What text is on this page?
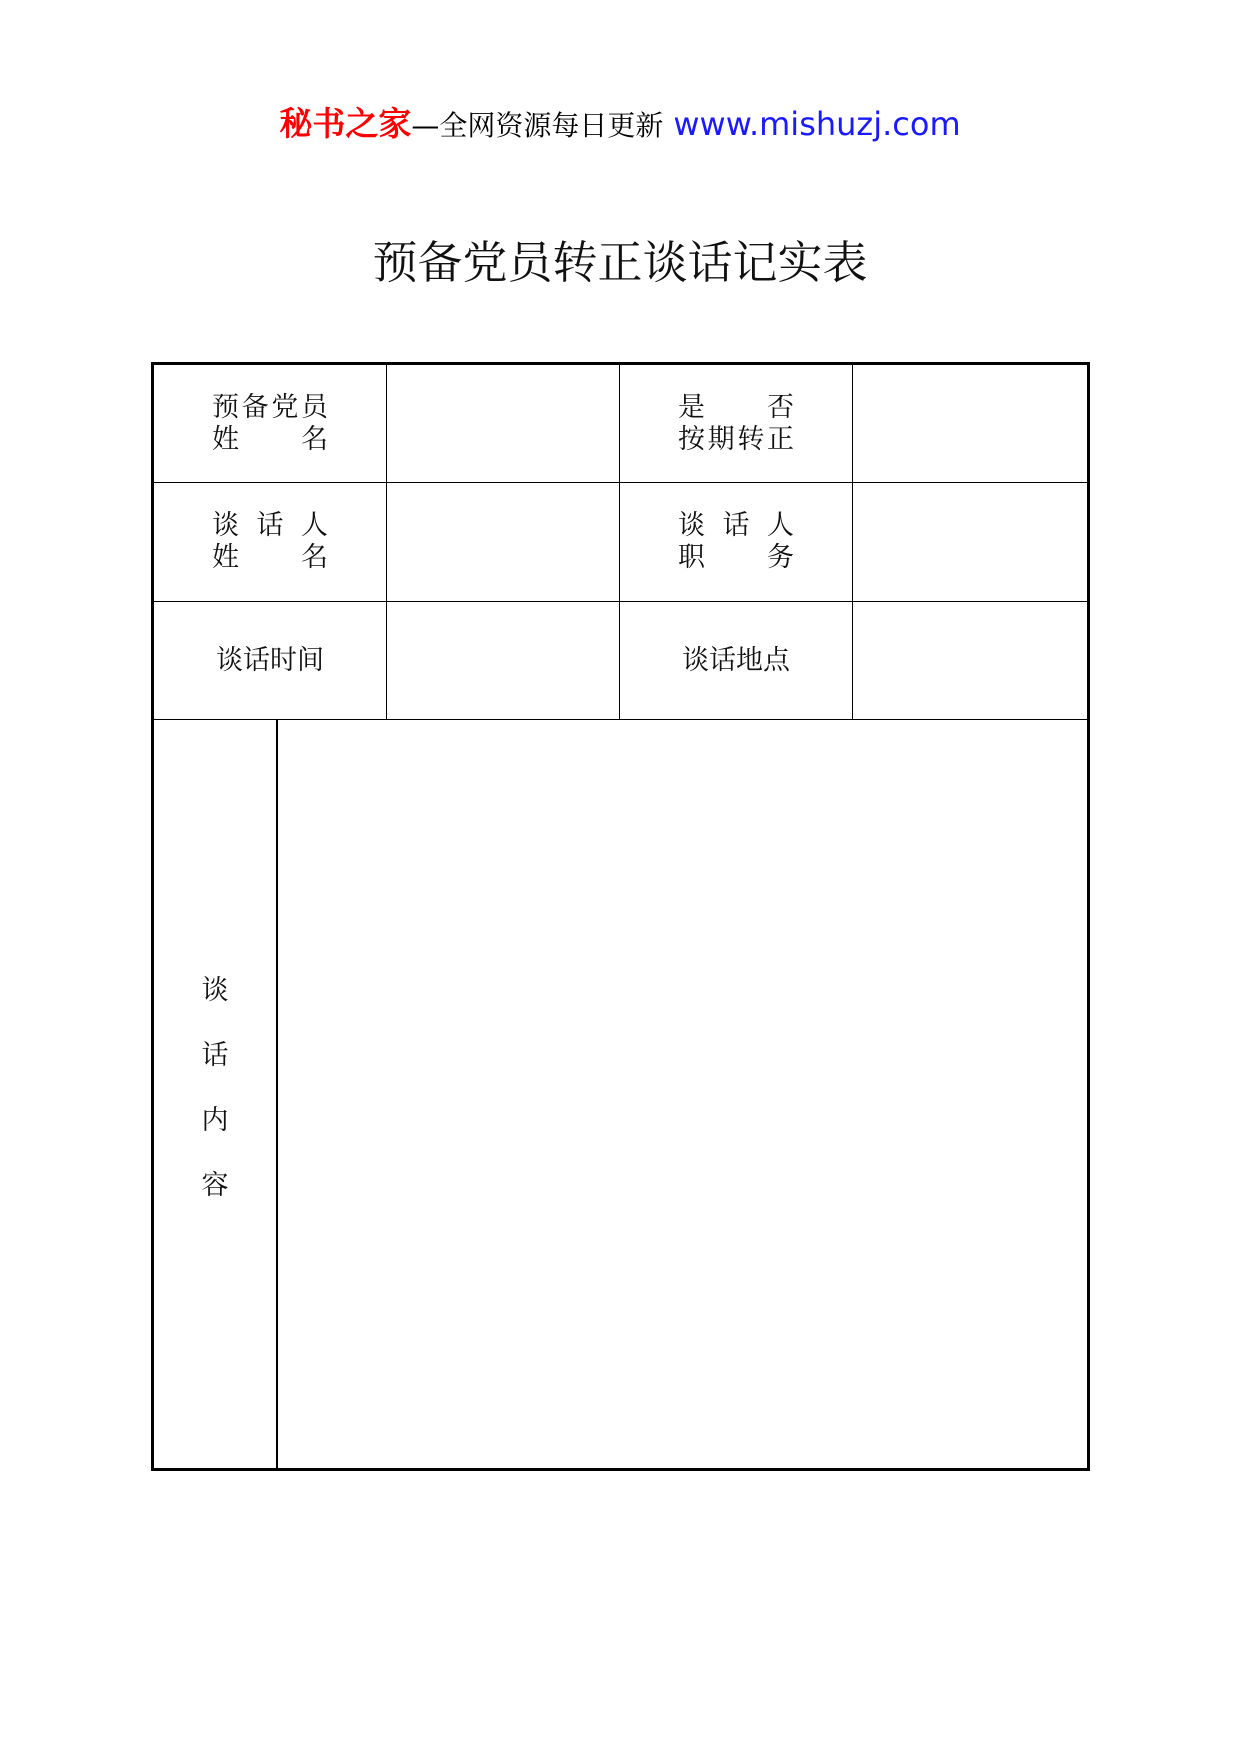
秘书之家—全网资源每日更新 www.mishuzj.com
预备党员转正谈话记实表
预备党员
姓　　名
是　　否
按期转正
谈 话 人
姓　　名
谈 话 人
职　　务
谈话时间	谈话地点
谈
话
内
容
